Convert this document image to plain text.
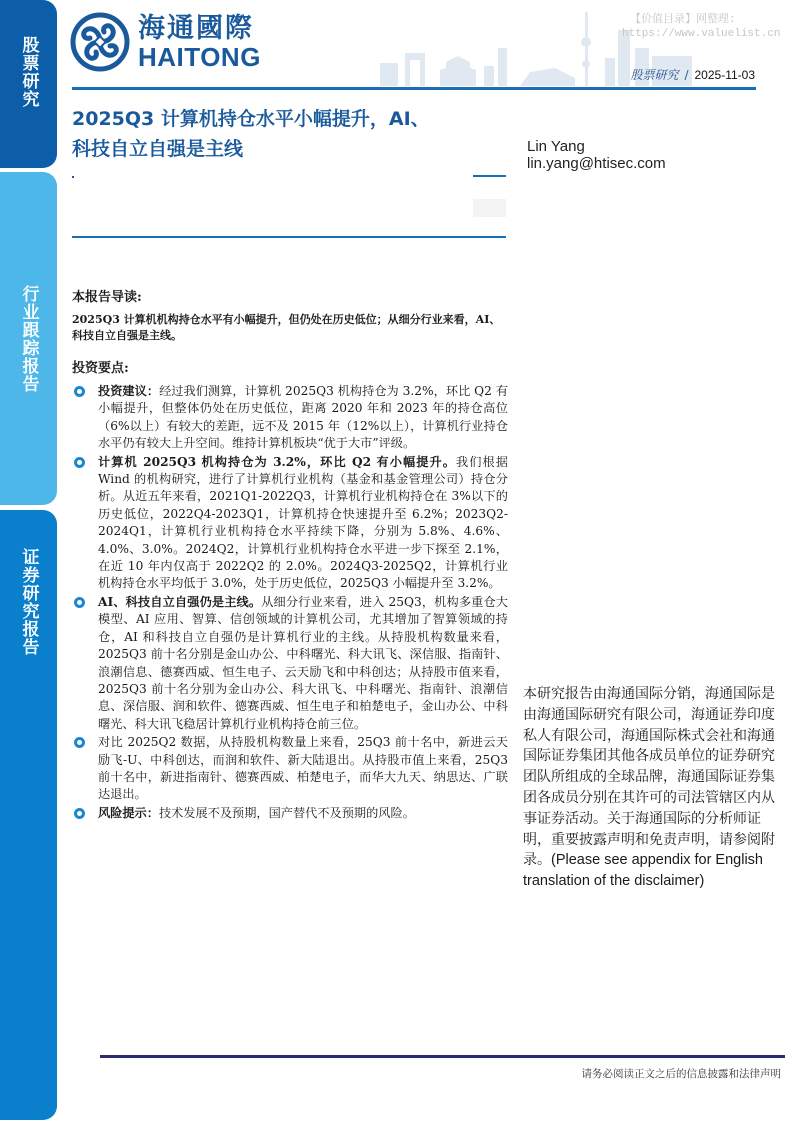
股票研究
行业跟踪报告
证券研究报告
海通國際
HAITONG
【价值目录】网整理:
https://www.valuelist.cn
股票研究 / 2025-11-03
2025Q3 计算机持仓水平小幅提升，AI、
科技自立自强是主线	Lin Yang
lin.yang@htisec.com
本报告导读:

2025Q3 计算机机构持仓水平有小幅提升，但仍处在历史低位；从细分行业来看，AI、科技自立自强是主线。

投资要点:
投资建议：经过我们测算，计算机 2025Q3 机构持仓为 3.2%，环比 Q2 有小幅提升，但整体仍处在历史低位，距离 2020 年和 2023 年的持仓高位（6%以上）有较大的差距，远不及 2015 年（12%以上），计算机行业持仓水平仍有较大上升空间。维持计算机板块“优于大市”评级。
计算机 2025Q3 机构持仓为 3.2%，环比 Q2 有小幅提升。我们根据 Wind 的机构研究，进行了计算机行业机构（基金和基金管理公司）持仓分析。从近五年来看，2021Q1-2022Q3，计算机行业机构持仓在 3%以下的历史低位，2022Q4-2023Q1，计算机持仓快速提升至 6.2%；2023Q2-2024Q1，计算机行业机构持仓水平持续下降，分别为 5.8%、4.6%、4.0%、3.0%。2024Q2，计算机行业机构持仓水平进一步下探至 2.1%，在近 10 年内仅高于 2022Q2 的 2.0%。2024Q3-2025Q2，计算机行业机构持仓水平均低于 3.0%，处于历史低位，2025Q3 小幅提升至 3.2%。
AI、科技自立自强仍是主线。从细分行业来看，进入 25Q3，机构多重仓大模型、AI 应用、智算、信创领域的计算机公司，尤其增加了智算领域的持仓，AI 和科技自立自强仍是计算机行业的主线。从持股机构数量来看，2025Q3 前十名分别是金山办公、中科曙光、科大讯飞、深信服、指南针、浪潮信息、德赛西威、恒生电子、云天励飞和中科创达；从持股市值来看，2025Q3 前十名分别为金山办公、科大讯飞、中科曙光、指南针、浪潮信息、深信服、润和软件、德赛西威、恒生电子和柏楚电子，金山办公、中科曙光、科大讯飞稳居计算机行业机构持仓前三位。
对比 2025Q2 数据，从持股机构数量上来看，25Q3 前十名中，新进云天励飞-U、中科创达，而润和软件、新大陆退出。从持股市值上来看，25Q3 前十名中，新进指南针、德赛西威、柏楚电子，而华大九天、纳思达、广联达退出。
风险提示：技术发展不及预期，国产替代不及预期的风险。
本研究报告由海通国际分销，海通国际是由海通国际研究有限公司，海通证券印度私人有限公司，海通国际株式会社和海通国际证券集团其他各成员单位的证券研究团队所组成的全球品牌，海通国际证券集团各成员分别在其许可的司法管辖区内从事证券活动。关于海通国际的分析师证明，重要披露声明和免责声明，请参阅附录。(Please see appendix for English translation of the disclaimer)
请务必阅读正文之后的信息披露和法律声明
